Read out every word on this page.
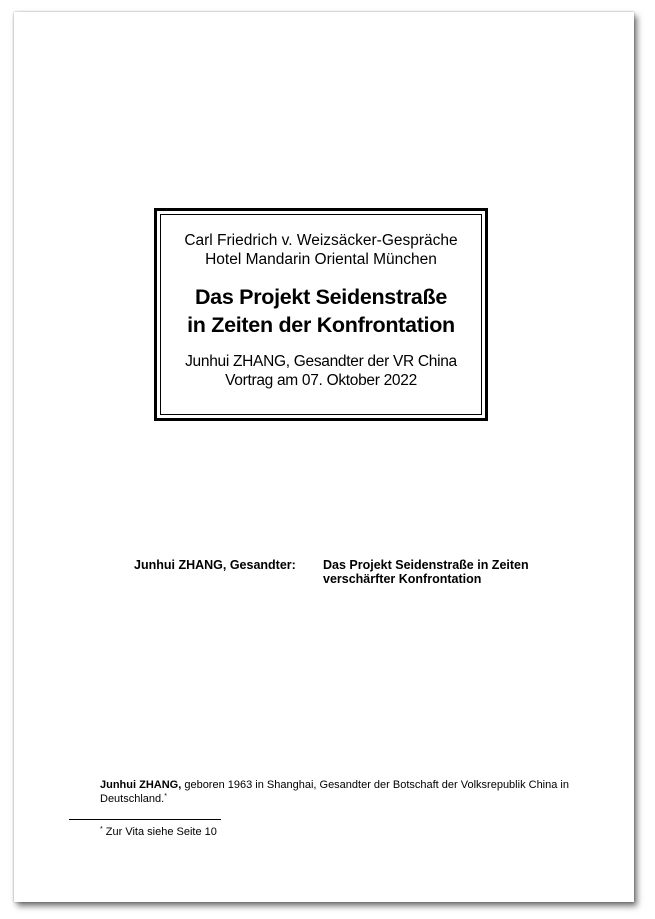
Carl Friedrich v. Weizsäcker-Gespräche
Hotel Mandarin Oriental München
Das Projekt Seidenstraße
in Zeiten der Konfrontation
Junhui ZHANG, Gesandter der VR China
Vortrag am 07. Oktober 2022
Junhui ZHANG, Gesandter: Das Projekt Seidenstraße in Zeiten
verschärfter Konfrontation
Junhui ZHANG, geboren 1963 in Shanghai, Gesandter der Botschaft der Volksrepublik China in Deutschland.*
* Zur Vita siehe Seite 10
